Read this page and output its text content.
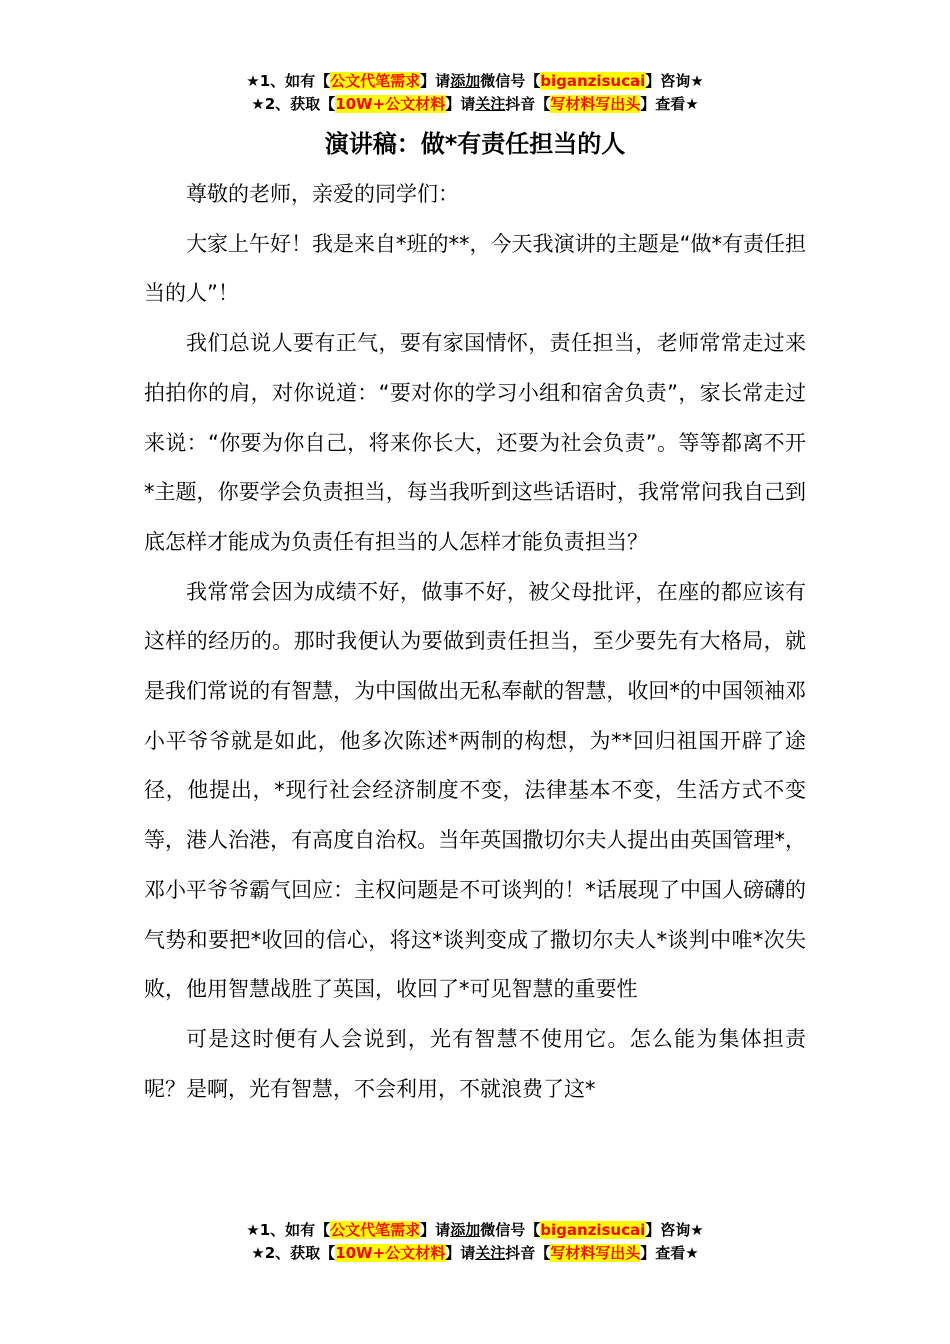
★1、如有【公文代笔需求】请添加微信号【biganzisucai】咨询★
★2、获取【10W+公文材料】请关注抖音【写材料写出头】查看★
演讲稿：做*有责任担当的人

尊敬的老师，亲爱的同学们：

大家上午好！我是来自*班的**，今天我演讲的主题是“做*有责任担当的人”！

我们总说人要有正气，要有家国情怀，责任担当，老师常常走过来拍拍你的肩，对你说道：“要对你的学习小组和宿舍负责”，家长常走过来说：“你要为你自己，将来你长大，还要为社会负责”。等等都离不开*主题，你要学会负责担当，每当我听到这些话语时，我常常问我自己到底怎样才能成为负责任有担当的人怎样才能负责担当？

我常常会因为成绩不好，做事不好，被父母批评，在座的都应该有这样的经历的。那时我便认为要做到责任担当，至少要先有大格局，就是我们常说的有智慧，为中国做出无私奉献的智慧，收回*的中国领袖邓小平爷爷就是如此，他多次陈述*两制的构想，为**回归祖国开辟了途径，他提出，*现行社会经济制度不变，法律基本不变，生活方式不变等，港人治港，有高度自治权。当年英国撒切尔夫人提出由英国管理*，邓小平爷爷霸气回应：主权问题是不可谈判的！*话展现了中国人磅礴的气势和要把*收回的信心，将这*谈判变成了撒切尔夫人*谈判中唯*次失败，他用智慧战胜了英国，收回了*可见智慧的重要性

可是这时便有人会说到，光有智慧不使用它。怎么能为集体担责呢？是啊，光有智慧，不会利用，不就浪费了这*

★1、如有【公文代笔需求】请添加微信号【biganzisucai】咨询★
★2、获取【10W+公文材料】请关注抖音【写材料写出头】查看★
